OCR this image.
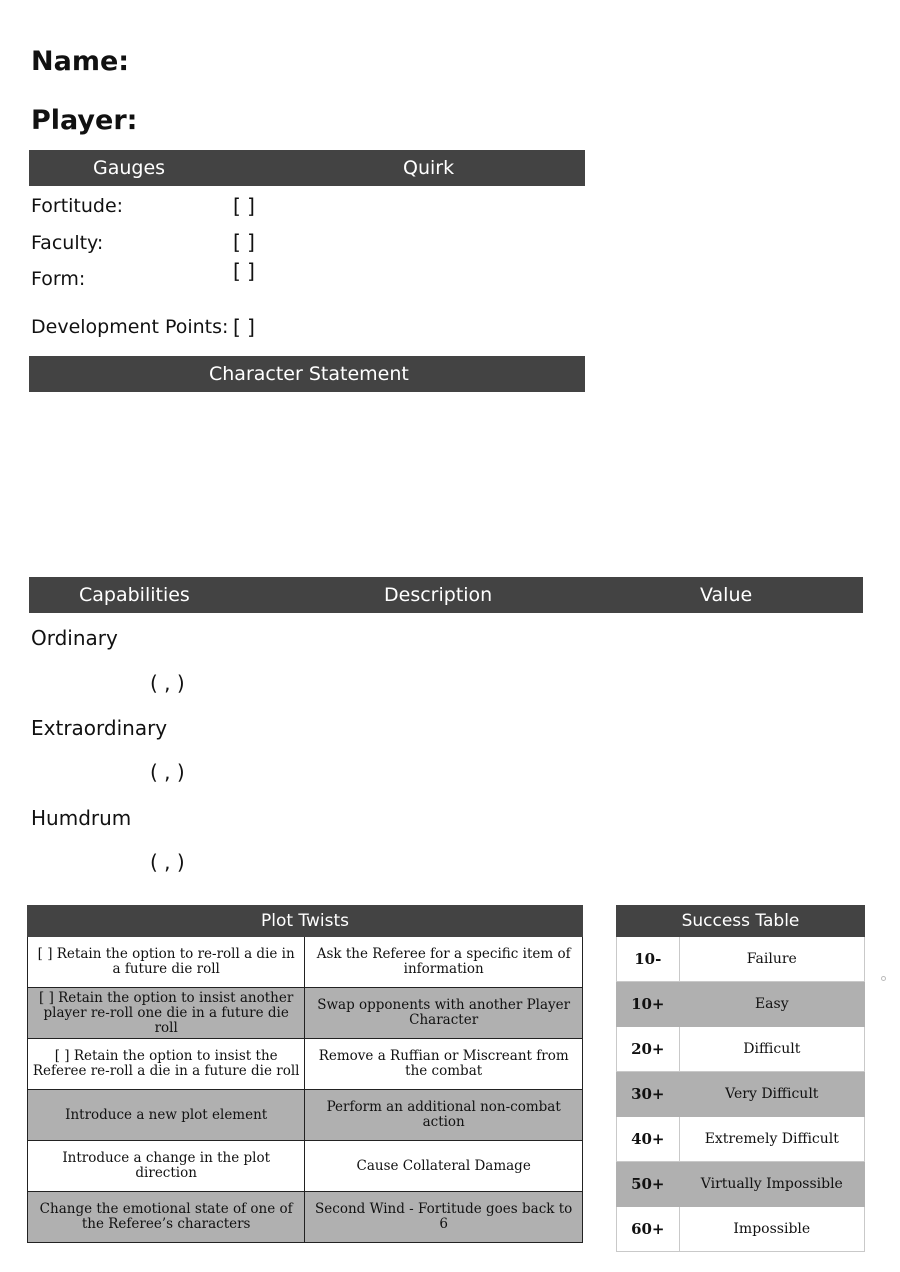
Name:
Player:
Gauges	Quirk
Fortitude:	[ ]
Faculty:	[ ]
Form:	[ ]
Development Points: [ ]
Character Statement
Capabilities	Description	Value
Ordinary
( , )
Extraordinary
( , )
Humdrum
( , )
Plot Twists	
[ ] Retain the option to re-roll a die in a future die roll	Ask the Referee for a specific item of information
[ ] Retain the option to insist another player re-roll one die in a future die roll	Swap opponents with another Player Character
[ ] Retain the option to insist the Referee re-roll a die in a future die roll	Remove a Ruffian or Miscreant from the combat
Introduce a new plot element	Perform an additional non-combat action
Introduce a change in the plot direction	Cause Collateral Damage
Change the emotional state of one of the Referee’s characters	Second Wind - Fortitude goes back to 6
Success Table	
10-	Failure
10+	Easy
20+	Difficult
30+	Very Difficult
40+	Extremely Difficult
50+	Virtually Impossible
60+	Impossible
